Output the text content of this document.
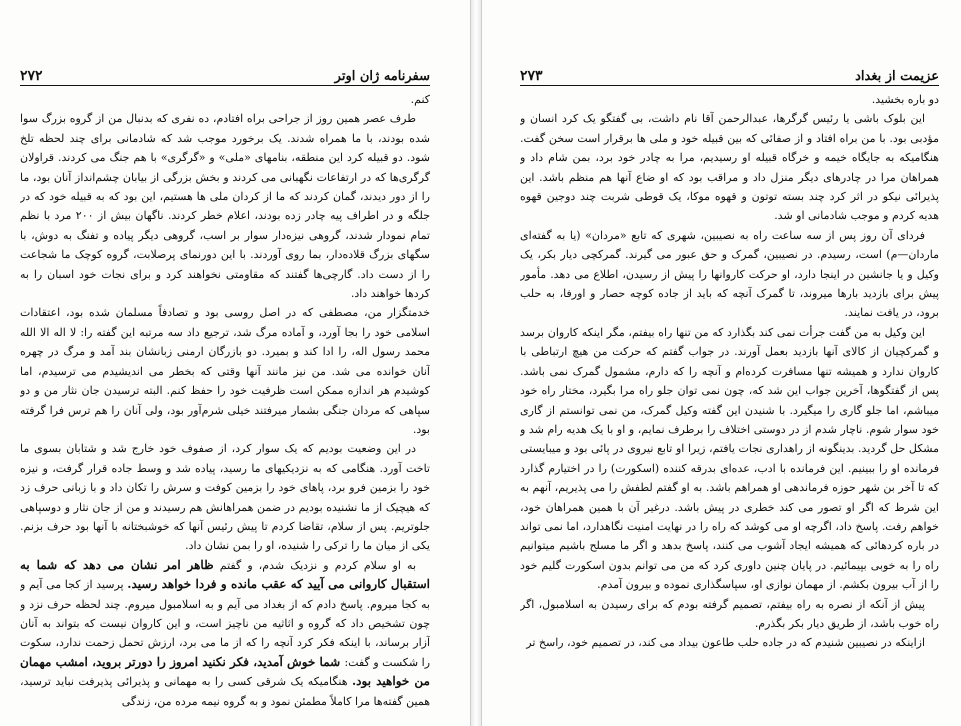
۲۷۲	سفرنامه ژان اوتر

کنم.

طرف عصر همین روز از جراحی براه افتادم، ده نفری که بدنبال من از گروه بزرگ سوا شده بودند، با ما همراه شدند. یک برخورد موجب شد که شادمانی برای چند لحظه تلخ شود. دو قبیله کرد این منطقه، بنامهای «ملی» و «گرگری» با هم جنگ می کردند. قراولان گرگری‌ها که در ارتفاعات نگهبانی می کردند و بخش بزرگی از بیابان چشم‌انداز آنان بود، ما را از دور دیدند، گمان کردند که ما از کردان ملی ها هستیم، این بود که به قبیله خود که در جلگه و در اطراف پیه چادر زده بودند، اعلام خطر کردند. ناگهان بیش از ۲۰۰ مرد با نظم تمام نمودار شدند، گروهی نیزه‌دار سوار بر اسب، گروهی دیگر پیاده و تفنگ به دوش، با سگهای بزرگ قلاده‌دار، بما روی آوردند. با این دورنمای پرصلابت، گروه کوچک ما شجاعت را از دست داد. گارچی‌ها گفتند که مقاومتی نخواهند کرد و برای نجات خود اسبان را به کردها خواهند داد.

خدمتگزار من، مصطفی که در اصل روسی بود و تصادفاً مسلمان شده بود، اعتقادات اسلامی خود را بجا آورد، و آماده مرگ شد، ترجیع داد سه مرتبه این گفته را: لا اله الا الله محمد رسول اله، را ادا کند و بمیرد. دو بازرگان ارمنی زبانشان بند آمد و مرگ در چهره آنان خوانده می شد. من نیز مانند آنها وقتی که بخطر می اندیشیدم می ترسیدم، اما کوشیدم هر اندازه ممکن است ظرفیت خود را حفظ کنم. البته ترسیدن جان نثار من و دو سپاهی که مردان جنگی بشمار میرفتند خیلی شرم‌آور بود، ولی آنان را هم ترس فرا گرفته بود.

در این وضعیت بودیم که یک سوار کرد، از صفوف خود خارج شد و شتابان بسوی ما تاخت آورد. هنگامی که به نزدیکیهای ما رسید، پیاده شد و وسط جاده قرار گرفت، و نیزه خود را بزمین فرو برد، پاهای خود را بزمین کوفت و سرش را تکان داد و با زبانی حرف زد که هیچیک از ما نشنیده بودیم در ضمن همراهانش هم رسیدند و من از جان نثار و دوسپاهی جلوتریم. پس از سلام، تقاضا کردم تا پیش رئیس آنها که خوشبختانه با آنها بود حرف بزنم. یکی از میان ما را ترکی را شنیده، او را بمن نشان داد.

به او سلام کردم و نزدیک شدم، و گفتم ظاهر امر نشان می دهد که شما به استقبال کاروانی می آیید که عقب مانده و فردا خواهد رسید. پرسید از کجا می آیم و به کجا میروم. پاسخ دادم که از بغداد می آیم و به اسلامبول میروم. چند لحظه حرف نزد و چون تشخیص داد که گروه و اثاثیه من ناچیز است، و این کاروان نیست که بتواند به آنان آزار برساند، با اینکه فکر کرد آنچه را که از ما می برد، ارزش تحمل زحمت ندارد، سکوت را شکست و گفت: شما خوش آمدید، فکر نکنید امروز را دورتر بروید، امشب مهمان من خواهید بود. هنگامیکه یک شرقی کسی را به مهمانی و پذیرائی پذیرفت نباید ترسید، همین گفته‌ها مرا کاملاً مطمئن نمود و به گروه نیمه مرده من، زندگی

۲۷۳	عزیمت از بغداد

دو باره بخشید.

این بلوک باشی یا رئیس گرگرها، عبدالرحمن آقا نام داشت، بی گفتگو یک کرد انسان و مؤدبی بود. با من براه افتاد و از صفائی که بین قبیله خود و ملی ها برقرار است سخن گفت. هنگامیکه به جایگاه خیمه و خرگاه قبیله او رسیدیم، مرا به چادر خود برد، بمن شام داد و همراهان مرا در چادرهای دیگر منزل داد و مراقب بود که او ضاع آنها هم منظم باشد. این پذیرائی نیکو در اثر کرد چند بسته توتون و قهوه موکا، یک قوطی شربت چند دوجین قهوه هدیه کردم و موجب شادمانی او شد.

فردای آن روز پس از سه ساعت راه به نصیبین، شهری که تابع «مردان» (یا به گفته‌ای ماردان—م) است، رسیدم. در نصیبین، گمرک و حق عبور می گیرند. گمرکچی دیار بکر، یک وکیل و یا جانشین در اینجا دارد، او حرکت کاروانها را پیش از رسیدن، اطلاع می دهد. مأمور پیش برای بازدید بارها میروند، تا گمرک آنچه که باید از جاده کوچه حصار و اورفا، به حلب برود، در یافت نمایند.

این وکیل به من گفت جرأت نمی کند بگذارد که من تنها راه بیفتم، مگر اینکه کاروان برسد و گمرکچیان از کالای آنها بازدید بعمل آورند. در جواب گفتم که حرکت من هیچ ارتباطی با کاروان ندارد و همیشه تنها مسافرت کرده‌ام و آنچه را که دارم، مشمول گمرک نمی باشد. پس از گفتگوها، آخرین جواب این شد که، چون نمی توان جلو راه مرا بگیرد، مختار راه خود میباشم، اما جلو گاری را میگیرد. با شنیدن این گفته وکیل گمرک، من نمی توانستم از گاری خود سوار شوم. ناچار شدم از در دوستی اختلاف را برطرف نمایم، و او با یک هدیه رام شد و مشکل حل گردید. بدینگونه از راهداری نجات یافتم، زیرا او تابع نیروی در پائی بود و میبایستی فرمانده او را ببینیم. این فرمانده با ادب، عده‌ای بدرقه کننده (اسکورت) را در اختیارم گذارد که تا آخر بن شهر حوزه فرماندهی او همراهم باشد. به او گفتم لطفش را می پذیریم، آنهم به این شرط که اگر او تصور می کند خطری در پیش باشد. درغیر آن با همین همراهان خود، خواهم رفت. پاسخ داد، اگرچه او می کوشد که راه را در نهایت امنیت نگاهدارد، اما نمی تواند در باره کردهائی که همیشه ایجاد آشوب می کنند، پاسخ بدهد و اگر ما مسلح باشیم میتوانیم راه را به خوبی بپیمائیم. در پایان چنین داوری کرد که من می توانم بدون اسکورت گلیم خود را از آب بیرون بکشم. از مهمان نوازی او، سپاسگذاری نموده و بیرون آمدم.

پیش از آنکه از نصره به راه بیفتم، تصمیم گرفته بودم که برای رسیدن به اسلامبول، اگر راه خوب باشد، از طریق دیار بکر بگذرم.

ازاینکه در نصیبین شنیدم که در جاده حلب طاعون بیداد می کند، در تصمیم خود، راسخ تر
